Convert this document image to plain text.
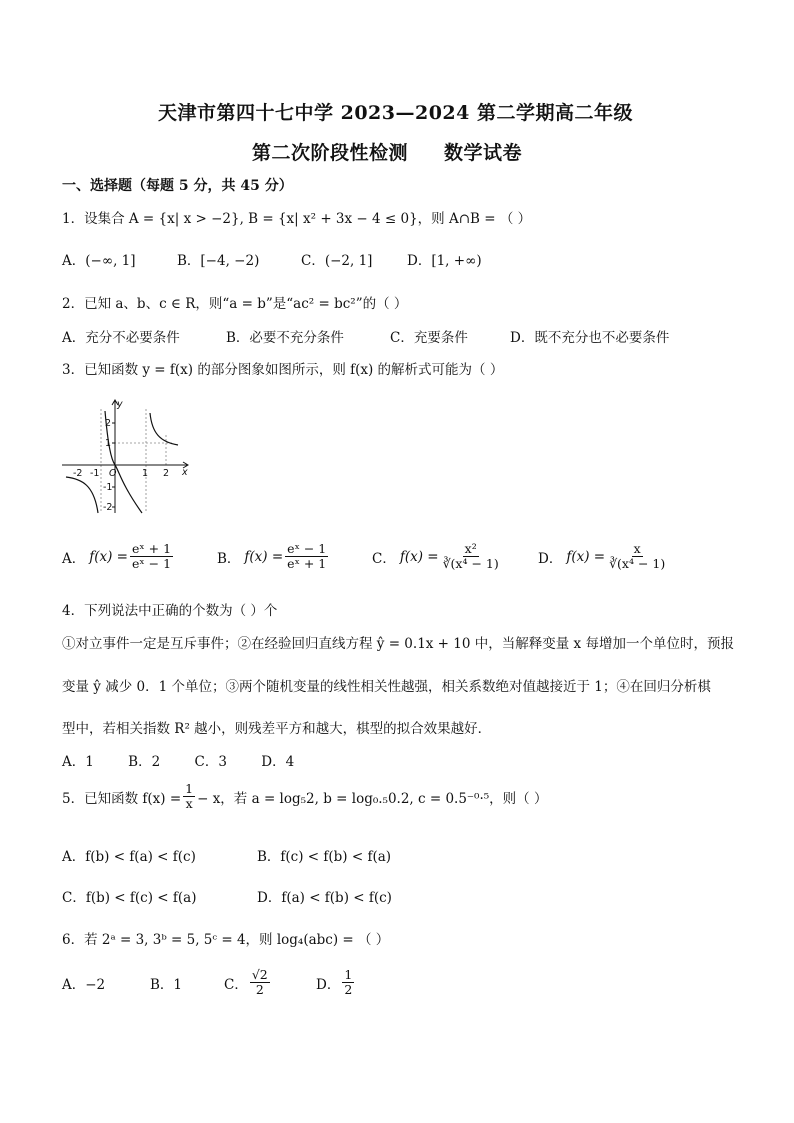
天津市第四十七中学 2023—2024 第二学期高二年级
第二次阶段性检测 数学试卷
一、选择题（每题 5 分，共 45 分）
1．设集合 A = {x| x > −2}, B = {x| x² + 3x − 4 ≤ 0}，则 A∩B = （ ）
A．(−∞, 1]	B．[−4, −2)	C．(−2, 1]	D．[1, +∞)
2．已知 a、b、c ∈ R，则“a = b”是“ac² = bc²”的（ ）
A．充分不必要条件	B．必要不充分条件	C．充要条件	D．既不充分也不必要条件
3．已知函数 y = f(x) 的部分图象如图所示，则 f(x) 的解析式可能为（ ）
y
x
O
-2 -1	1 2
2
1
-1
-2
A． $f(x) = \frac{\text{eˣ + 1}}{\text{eˣ − 1}}$	B． $f(x) = \frac{\text{eˣ − 1}}{\text{eˣ + 1}}$	C． $f(x) = \frac{\text{x²}}{\text{∛(x⁴ − 1)}}$	D． $f(x) = \frac{x}{\text{∛(x⁴ − 1)}}$
4．下列说法中正确的个数为（ ）个
①对立事件一定是互斥事件；②在经验回归直线方程 ŷ = 0.1x + 10 中，当解释变量 x 每增加一个单位时，预报
变量 ŷ 减少 0．1 个单位；③两个随机变量的线性相关性越强，相关系数绝对值越接近于 1；④在回归分析棋
型中，若相关指数 R² 越小，则残差平方和越大，棋型的拟合效果越好．
A．1        B．2        C．3        D．4
5．已知函数 $f(x) = \frac{1}{x} - x$，若 a = log₅2, b = log₀.₅0.2, c = 0.5⁻⁰·⁵，则（ ）
A．f(b) < f(a) < f(c)	B．f(c) < f(b) < f(a)
C．f(b) < f(c) < f(a)	D．f(a) < f(b) < f(c)
6．若 2ᵃ = 3, 3ᵇ = 5, 5ᶜ = 4，则 log₄(abc) = （ ）
A．−2	B．1	C． $\frac{√2}{2}$	D． $\frac{1}{2}$
